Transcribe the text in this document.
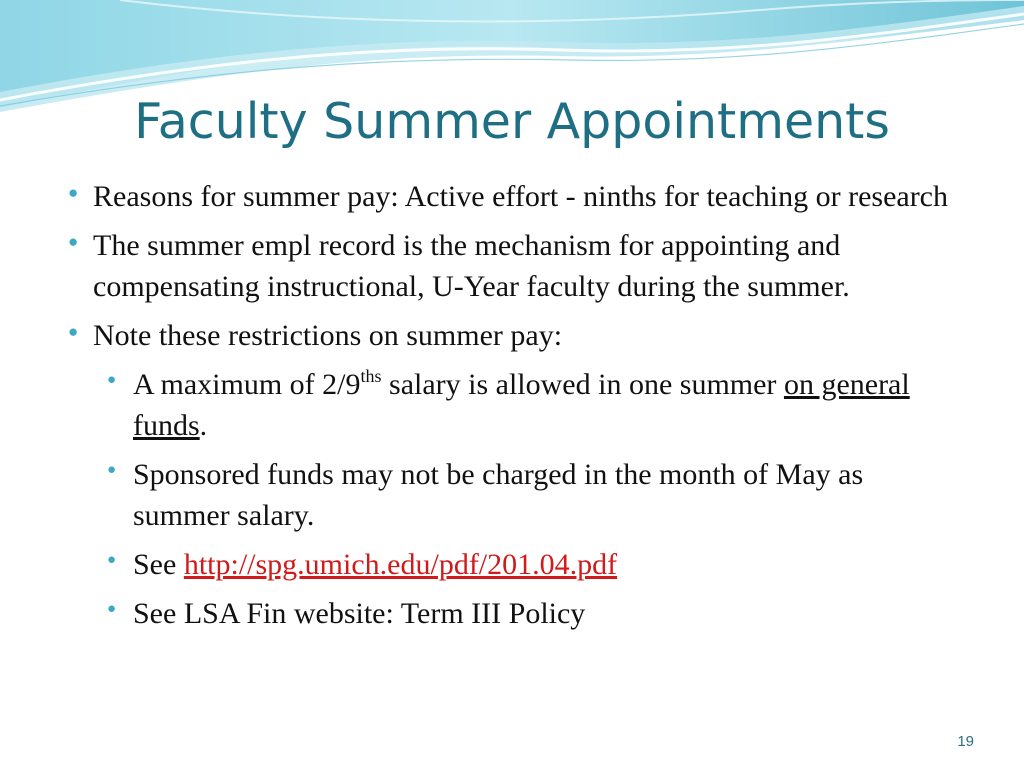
Faculty Summer Appointments
● Reasons for summer pay: Active effort - ninths for teaching or research
● The summer empl record is the mechanism for appointing and compensating instructional, U-Year faculty during the summer.
● Note these restrictions on summer pay:
● A maximum of $2/9^{ths}$ salary is allowed in one summer on general funds.
● Sponsored funds may not be charged in the month of May as summer salary.
● See http://spg.umich.edu/pdf/201.04.pdf
● See LSA Fin website: Term III Policy
19
